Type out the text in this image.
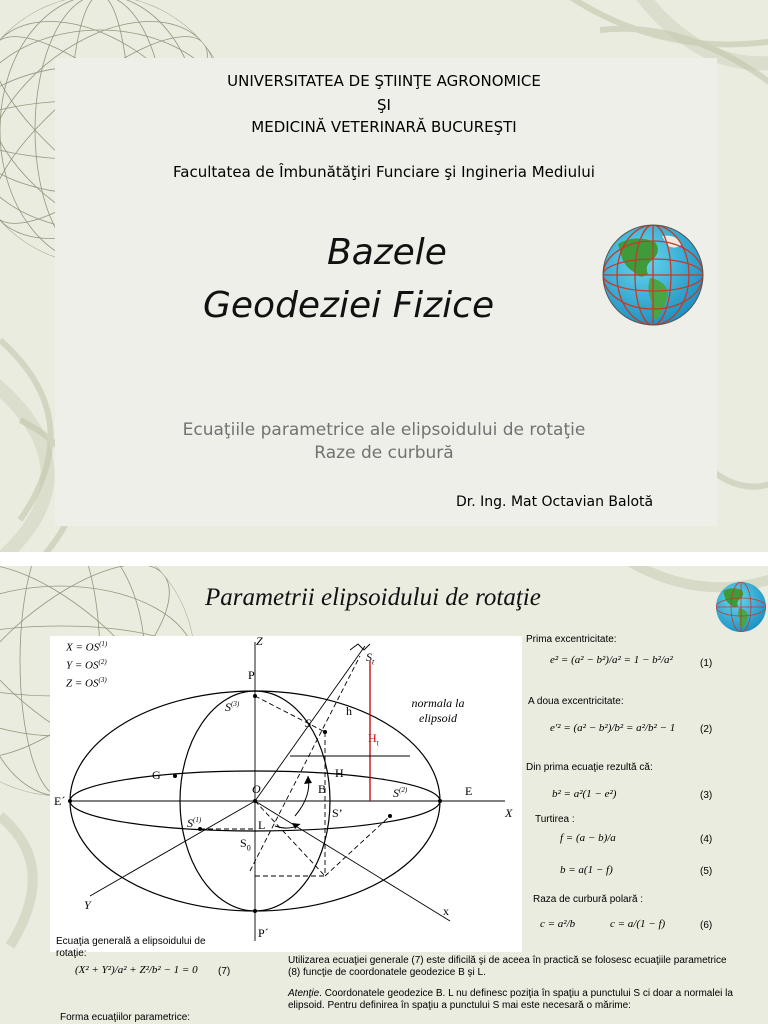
UNIVERSITATEA DE ŞTIINŢE AGRONOMICE
ŞI
MEDICINĂ VETERINARĂ BUCUREŞTI
Facultatea de Îmbunătăţiri Funciare şi Ingineria Mediului
Bazele
Geodeziei Fizice
Ecuaţiile parametrice ale elipsoidului de rotaţie
Raze de curbură
Dr. Ing. Mat Octavian Balotă
Parametrii elipsoidului de rotaţie
$X = OS^{(1)}$
$Y = OS^{(2)}$
$Z = OS^{(3)}$
Z
P
P´
E
E´
G
O
X
Y	x
S
S’
$S_0$
$S_t$
h
H
$H_t$
B
L
$S^{(3)}$
$S^{(2)}$
$S^{(1)}$
normala la
elipsoid
Prima excentricitate:
e² = (a² − b²)/a² = 1 − b²/a²	(1)
A doua excentricitate:
e′² = (a² − b²)/b² = a²/b² − 1 (2)
Din prima ecuaţie rezultă că:
b² = a²(1 − e²)	(3)
Turtirea :
f = (a − b)/a	(4)
b = a(1 − f)	(5)
Raza de curbură polară :
c = a²/b	c = a/(1 − f)	(6)
Ecuaţia generală a elipsoidului de rotaţie:
(X² + Y²)/a² + Z²/b² − 1 = 0 (7)
Forma ecuaţiilor parametrice:
Utilizarea ecuaţiei generale (7) este dificilă şi de aceea în practică se folosesc ecuaţiile parametrice (8) funcţie de coordonatele geodezice B şi L.
Atenţie. Coordonatele geodezice B. L nu definesc poziţia în spaţiu a punctului S ci doar a normalei la elipsoid. Pentru definirea în spaţiu a punctului S mai este necesară o mărime:
